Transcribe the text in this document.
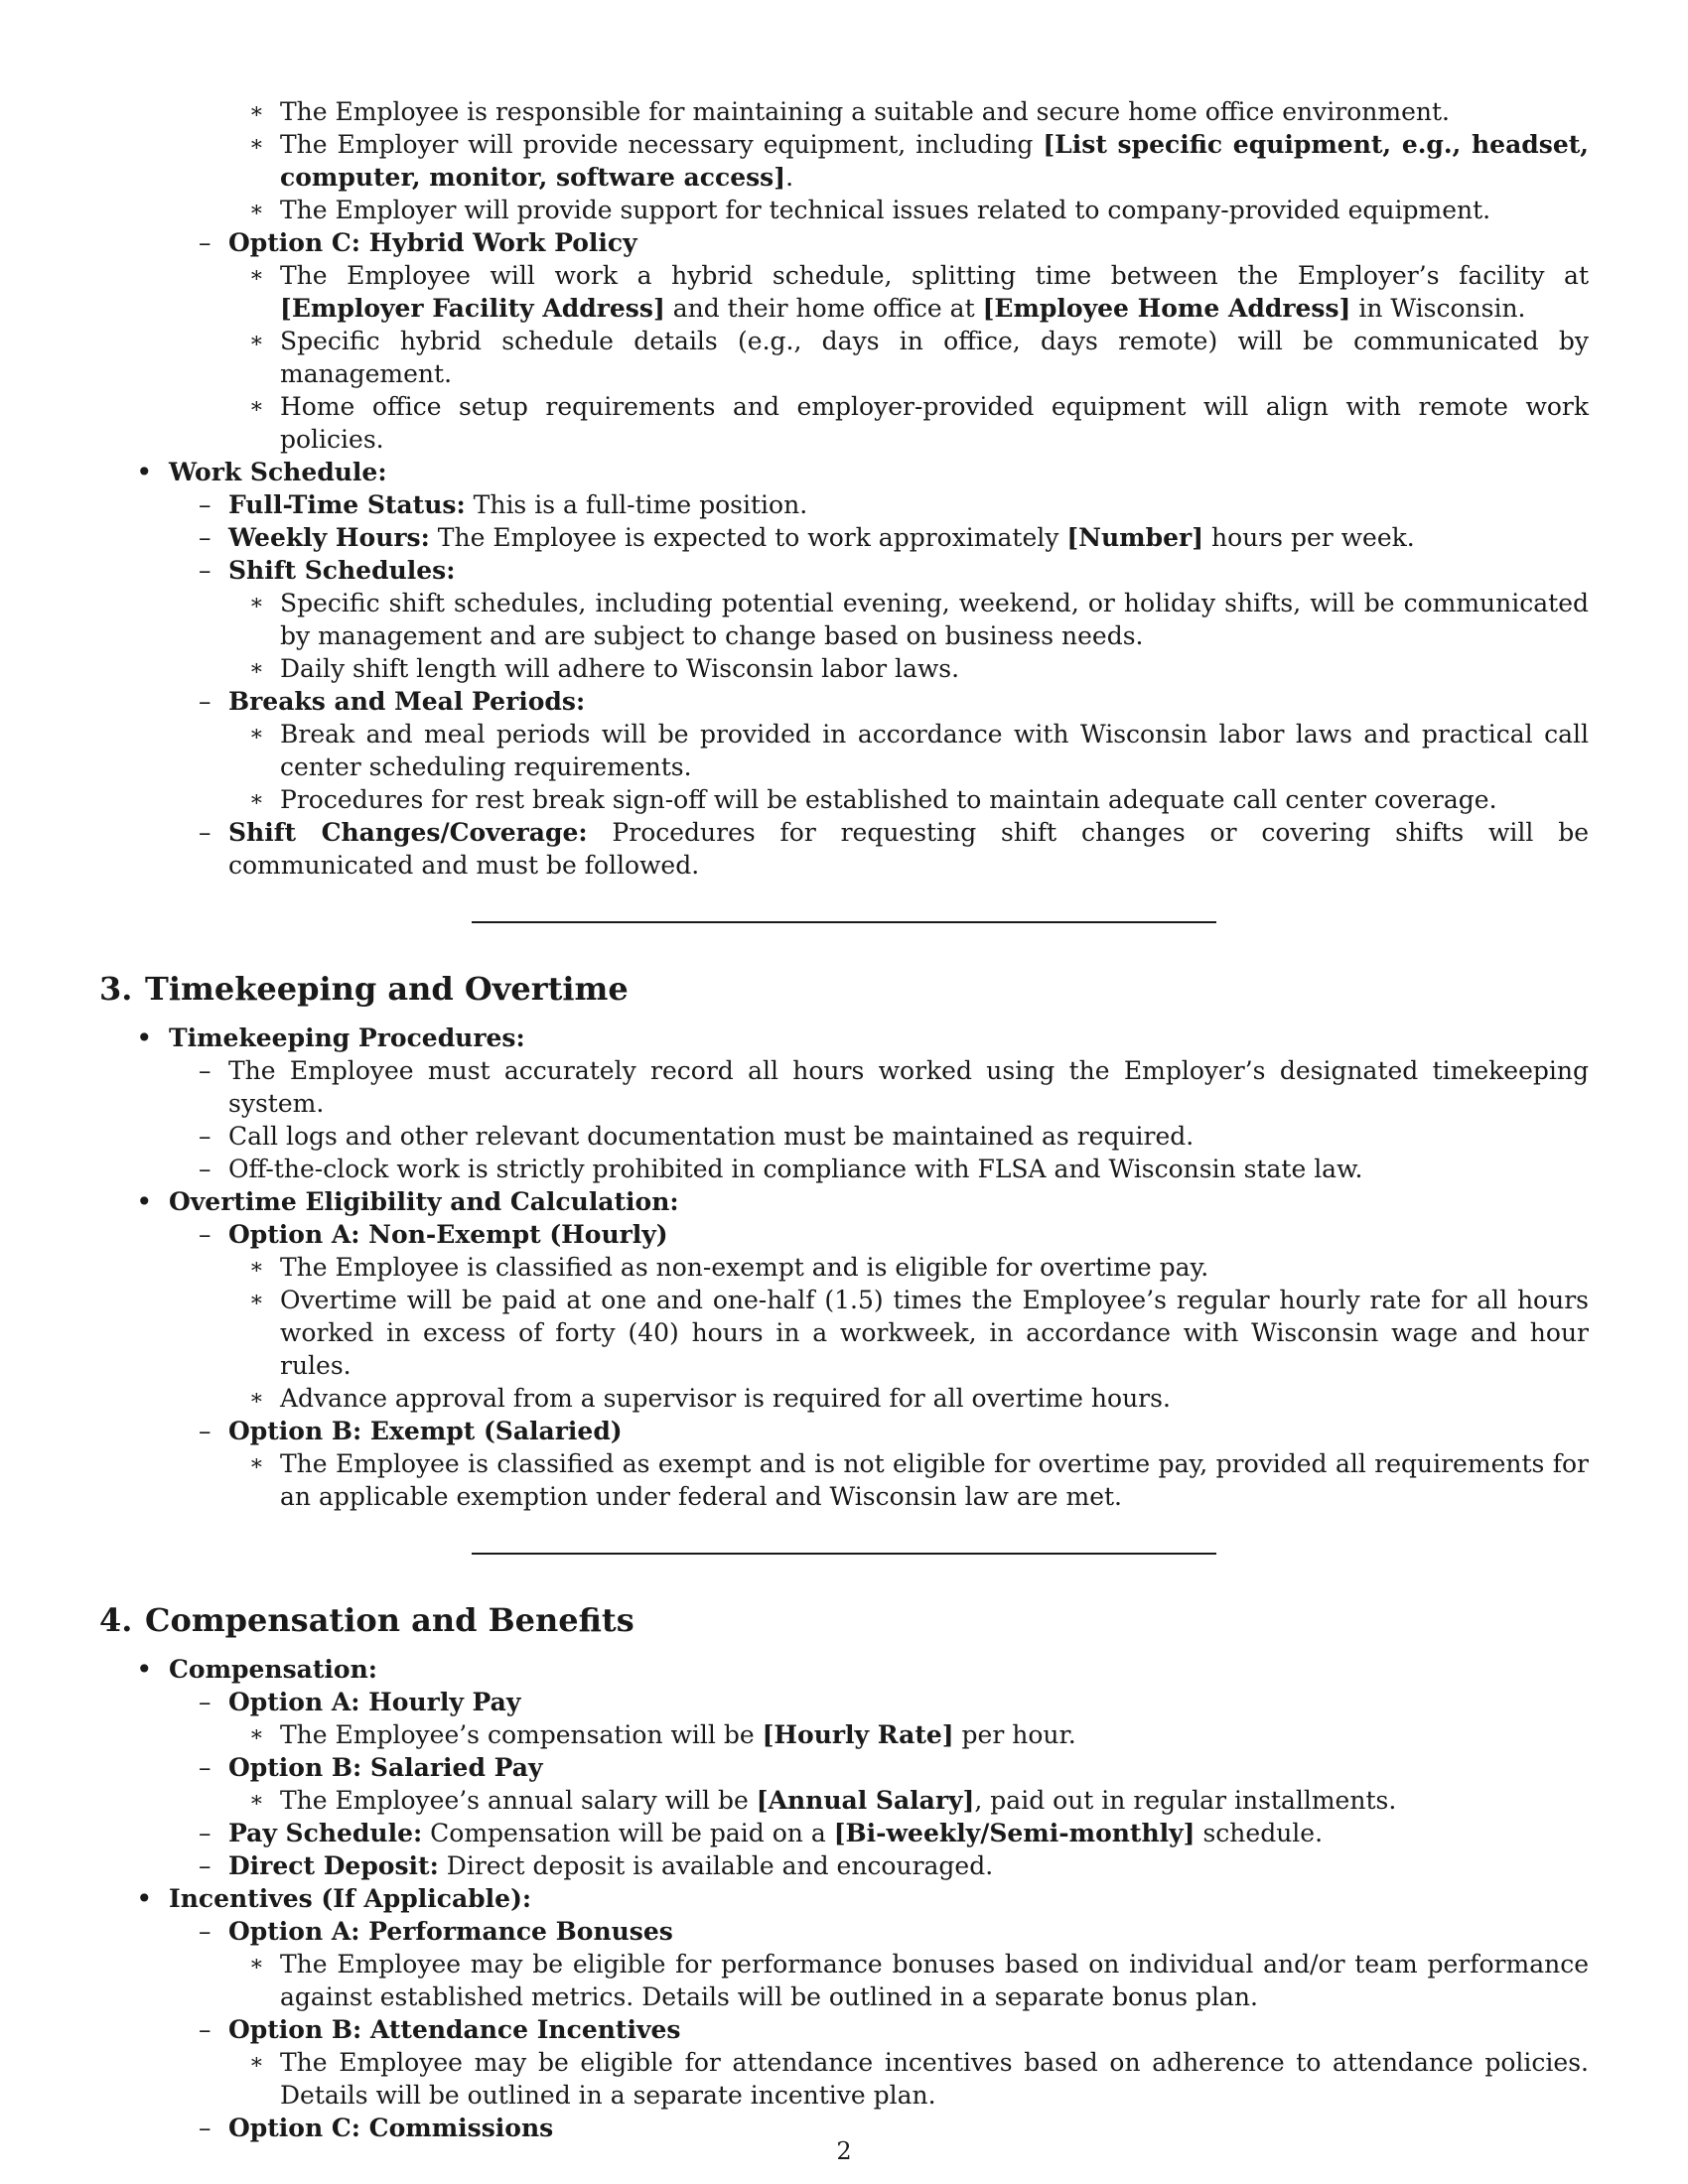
∗ The Employee is responsible for maintaining a suitable and secure home office environment.
∗ The Employer will provide necessary equipment, including [List specific equipment, e.g., headset, computer, monitor, software access].
∗ The Employer will provide support for technical issues related to company-provided equipment.
– Option C: Hybrid Work Policy
∗ The Employee will work a hybrid schedule, splitting time between the Employer’s facility at [Employer Facility Address] and their home office at [Employee Home Address] in Wisconsin.
∗ Specific hybrid schedule details (e.g., days in office, days remote) will be communicated by management.
∗ Home office setup requirements and employer-provided equipment will align with remote work policies.
• Work Schedule:
– Full-Time Status: This is a full-time position.
– Weekly Hours: The Employee is expected to work approximately [Number] hours per week.
– Shift Schedules:
∗ Specific shift schedules, including potential evening, weekend, or holiday shifts, will be communicated by management and are subject to change based on business needs.
∗ Daily shift length will adhere to Wisconsin labor laws.
– Breaks and Meal Periods:
∗ Break and meal periods will be provided in accordance with Wisconsin labor laws and practical call center scheduling requirements.
∗ Procedures for rest break sign-off will be established to maintain adequate call center coverage.
– Shift Changes/Coverage: Procedures for requesting shift changes or covering shifts will be communicated and must be followed.
3. Timekeeping and Overtime
• Timekeeping Procedures:
– The Employee must accurately record all hours worked using the Employer’s designated timekeeping system.
– Call logs and other relevant documentation must be maintained as required.
– Off-the-clock work is strictly prohibited in compliance with FLSA and Wisconsin state law.
• Overtime Eligibility and Calculation:
– Option A: Non-Exempt (Hourly)
∗ The Employee is classified as non-exempt and is eligible for overtime pay.
∗ Overtime will be paid at one and one-half (1.5) times the Employee’s regular hourly rate for all hours worked in excess of forty (40) hours in a workweek, in accordance with Wisconsin wage and hour rules.
∗ Advance approval from a supervisor is required for all overtime hours.
– Option B: Exempt (Salaried)
∗ The Employee is classified as exempt and is not eligible for overtime pay, provided all requirements for an applicable exemption under federal and Wisconsin law are met.
4. Compensation and Benefits
• Compensation:
– Option A: Hourly Pay
∗ The Employee’s compensation will be [Hourly Rate] per hour.
– Option B: Salaried Pay
∗ The Employee’s annual salary will be [Annual Salary], paid out in regular installments.
– Pay Schedule: Compensation will be paid on a [Bi-weekly/Semi-monthly] schedule.
– Direct Deposit: Direct deposit is available and encouraged.
• Incentives (If Applicable):
– Option A: Performance Bonuses
∗ The Employee may be eligible for performance bonuses based on individual and/or team performance against established metrics. Details will be outlined in a separate bonus plan.
– Option B: Attendance Incentives
∗ The Employee may be eligible for attendance incentives based on adherence to attendance policies. Details will be outlined in a separate incentive plan.
– Option C: Commissions
2
